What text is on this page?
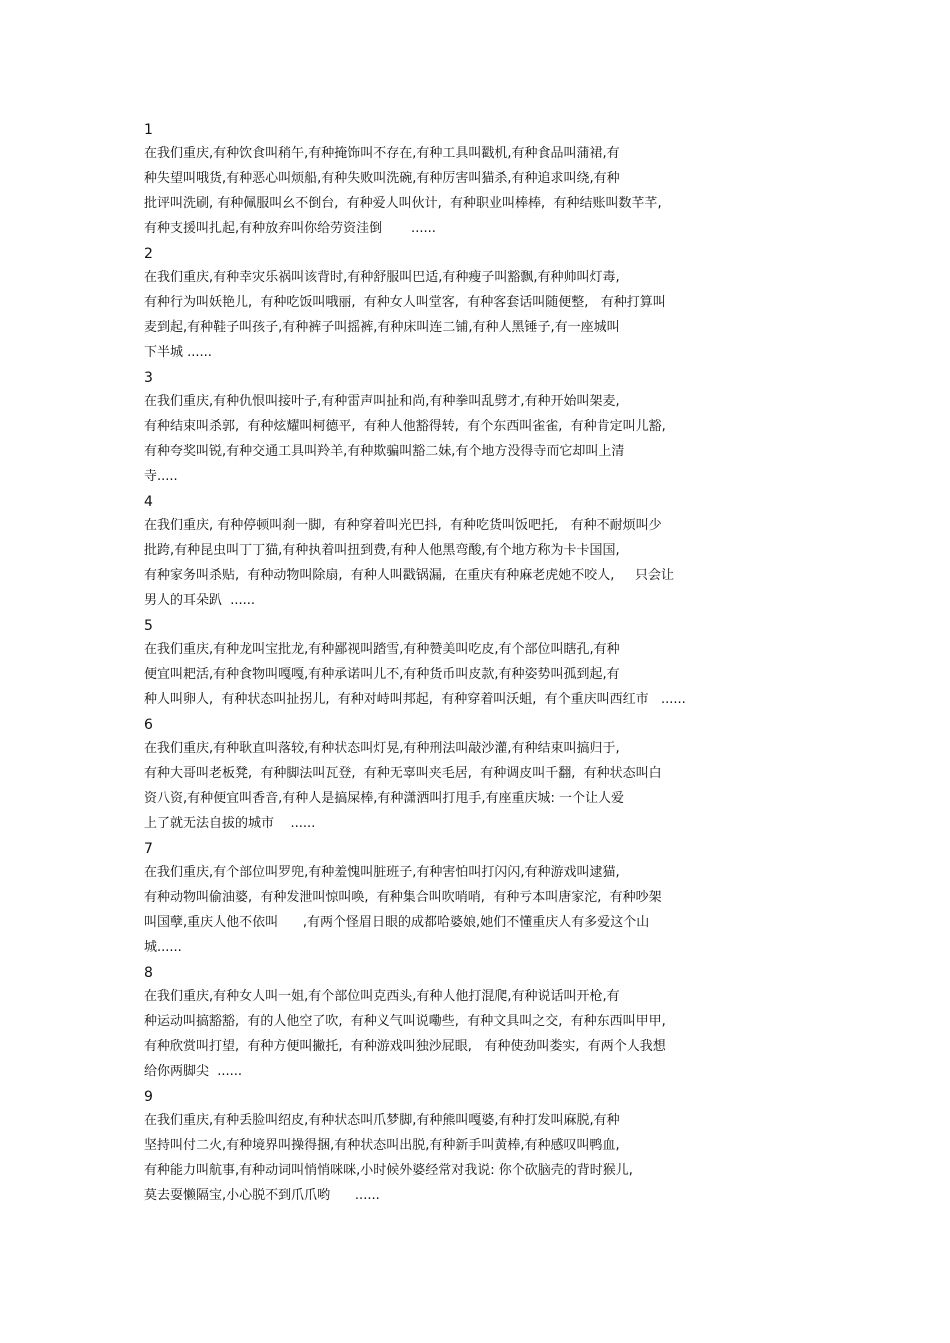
1
在我们重庆,有种饮食叫稍午,有种掩饰叫不存在,有种工具叫戳机,有种食品叫蒲裙,有
种失望叫哦货,有种恶心叫烦船,有种失败叫洗碗,有种厉害叫猫杀,有种追求叫绕,有种
批评叫洗刷, 有种佩服叫幺不倒台,  有种爱人叫伙计,  有种职业叫棒棒,  有种结账叫数芊芊,
有种支援叫扎起,有种放弃叫你给劳资洼倒       ......
2
在我们重庆,有种幸灾乐祸叫该背时,有种舒服叫巴适,有种瘦子叫豁飘,有种帅叫灯毒,
有种行为叫妖艳儿,  有种吃饭叫哦丽,  有种女人叫堂客,  有种客套话叫随便整,   有种打算叫
麦到起,有种鞋子叫孩子,有种裤子叫摇裤,有种床叫连二铺,有种人黑锤子,有一座城叫
下半城 ......
3
在我们重庆,有种仇恨叫接叶子,有种雷声叫扯和尚,有种拳叫乱劈才,有种开始叫架麦,
有种结束叫杀郭,  有种炫耀叫柯德平,  有种人他豁得转,  有个东西叫雀雀,  有种肯定叫儿豁,
有种夸奖叫锐,有种交通工具叫羚羊,有种欺骗叫豁二妹,有个地方没得寺而它却叫上清
寺.....
4
在我们重庆, 有种停顿叫刹一脚,  有种穿着叫光巴抖,  有种吃货叫饭吧托,   有种不耐烦叫少
批跨,有种昆虫叫丁丁猫,有种执着叫扭到费,有种人他黑弯酸,有个地方称为卡卡国国,
有种家务叫杀贴,  有种动物叫除扇,  有种人叫戳锅漏,  在重庆有种麻老虎她不咬人,     只会让
男人的耳朵趴  ......
5
在我们重庆,有种龙叫宝批龙,有种鄙视叫踏雪,有种赞美叫吃皮,有个部位叫瞎孔,有种
便宜叫耙活,有种食物叫嘎嘎,有种承诺叫儿不,有种货币叫皮款,有种姿势叫孤到起,有
种人叫卵人,  有种状态叫扯拐儿,  有种对峙叫邦起,  有种穿着叫沃蛆,  有个重庆叫西红市   ......
6
在我们重庆,有种耿直叫落较,有种状态叫灯晃,有种刑法叫敲沙灌,有种结束叫搞归于,
有种大哥叫老板凳,  有种脚法叫瓦登,  有种无辜叫夹毛居,  有种调皮叫千翻,  有种状态叫白
资八资,有种便宜叫香音,有种人是搞屎棒,有种潇洒叫打甩手,有座重庆城: 一个让人爱
上了就无法自拔的城市    ......
7
在我们重庆,有个部位叫罗兜,有种羞愧叫脏班子,有种害怕叫打闪闪,有种游戏叫逮猫,
有种动物叫偷油婆,  有种发泄叫惊叫唤,  有种集合叫吹哨哨,  有种亏本叫唐家沱,  有种吵架
叫国孽,重庆人他不依叫      ,有两个怪眉日眼的成都哈婆娘,她们不懂重庆人有多爱这个山
城......
8
在我们重庆,有种女人叫一姐,有个部位叫克西头,有种人他打混爬,有种说话叫开枪,有
种运动叫搞豁豁,  有的人他空了吹,  有种义气叫说嘞些,  有种文具叫之交,  有种东西叫甲甲,
有种欣赏叫打望,  有种方便叫撇托,  有种游戏叫独沙屁眼,   有种使劲叫娄实,  有两个人我想
给你两脚尖  ......
9
在我们重庆,有种丢脸叫绍皮,有种状态叫爪梦脚,有种熊叫嘎婆,有种打发叫麻脱,有种
坚持叫付二火,有种境界叫操得捆,有种状态叫出脱,有种新手叫黄棒,有种感叹叫鸭血,
有种能力叫航事,有种动词叫悄悄咪咪,小时候外婆经常对我说: 你个砍脑壳的背时猴儿,
莫去耍懒隔宝,小心脱不到爪爪哟      ......
